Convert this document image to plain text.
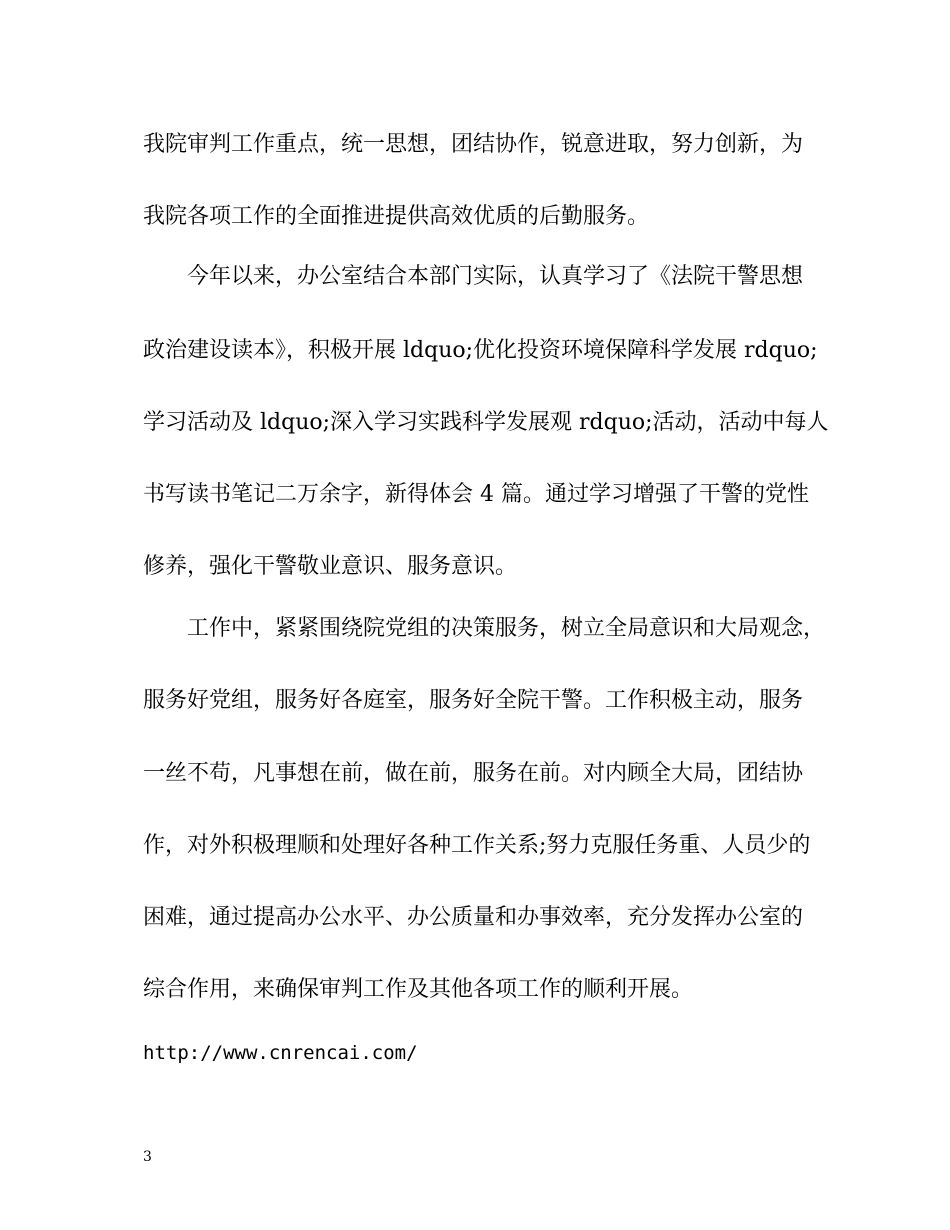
我院审判工作重点，统一思想，团结协作，锐意进取，努力创新，为
我院各项工作的全面推进提供高效优质的后勤服务。
今年以来，办公室结合本部门实际，认真学习了《法院干警思想
政治建设读本》，积极开展 ldquo;优化投资环境保障科学发展 rdquo;
学习活动及 ldquo;深入学习实践科学发展观 rdquo;活动，活动中每人
书写读书笔记二万余字，新得体会 4 篇。通过学习增强了干警的党性
修养，强化干警敬业意识、服务意识。
工作中，紧紧围绕院党组的决策服务，树立全局意识和大局观念，
服务好党组，服务好各庭室，服务好全院干警。工作积极主动，服务
一丝不苟，凡事想在前，做在前，服务在前。对内顾全大局，团结协
作，对外积极理顺和处理好各种工作关系;努力克服任务重、人员少的
困难，通过提高办公水平、办公质量和办事效率，充分发挥办公室的
综合作用，来确保审判工作及其他各项工作的顺利开展。
http://www.cnrencai.com/
3
